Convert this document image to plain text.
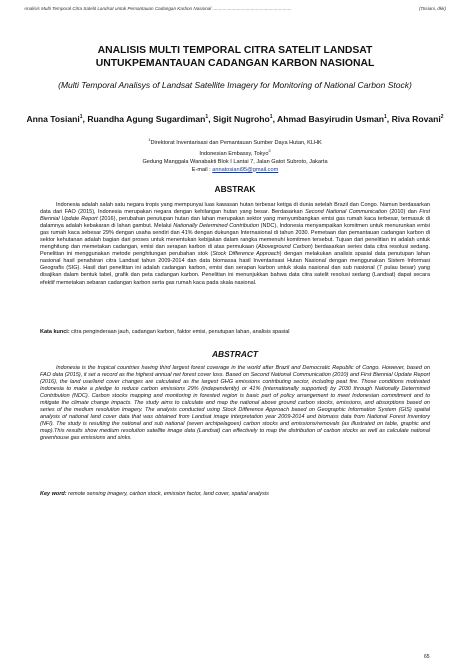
Analisis Multi Temporal Citra Satelit Landsat untuk Pemantauan Cadangan Karbon Nasional ..............................................................	(Tosiani, dkk)
ANALISIS MULTI TEMPORAL CITRA SATELIT LANDSAT
UNTUKPEMANTAUAN CADANGAN KARBON NASIONAL
(Multi Temporal Analisys of Landsat Satellite Imagery for Monitoring of National Carbon Stock)
Anna Tosiani$^1$, Ruandha Agung Sugardiman$^1$, Sigit Nugroho$^1$, Ahmad Basyirudin Usman$^1$, Riva Rovani$^2$
$^1$Direktorat Inventarisasi dan Pemantauan Sumber Daya Hutan, KLHK
Indonesian Embassy, Tokyo$^2$
Gedung Manggala Wanabakti Blok I Lantai 7, Jalan Gatot Subroto, Jakarta
E-mail : annatosiani95@gmail.com
ABSTRAK
Indonesia adalah salah satu negara tropis yang mempunyai luas kawasan hutan terbesar ketiga di dunia setelah Brazil dan Congo. Namun berdasarkan data dari FAO (2015), Indonesia merupakan negara dengan kehilangan hutan yang besar. Berdasarkan Second National Communication (2010) dan First Biennial Update Report (2016), perubahan penutupan hutan dan lahan merupakan sektor yang menyumbangkan emisi gas rumah kaca terbesar, termasuk di dalamnya adalah kebakaran di lahan gambut. Melalui Nationally Determined Contribution (NDC), Indonesia menyampaikan komitmen untuk menurunkan emisi gas rumah kaca sebesar 29% dengan usaha sendiri dan 41% dengan dukungan Internasional di tahun 2030. Pemetaan dan pemantauan cadangan karbon di sektor kehutanan adalah bagian dari proses untuk menentukan kebijakan dalam rangka memenuhi komitmen tersebut. Tujuan dari penelitian ini adalah untuk menghitung dan memetakan cadangan, emisi dan serapan karbon di atas permukaan (Aboveground Carbon) berdasarkan series data citra resolusi sedang. Penelitian ini menggunakan metode penghitungan perubahan stok (Stock Difference Approach) dengan melakukan analisis spasial data penutupan lahan nasional hasil penafsiran citra Landsat tahun 2009-2014 dan data biomassa hasil Inventarisasi Hutan Nasional dengan menggunakan Sistem Informasi Geografis (SIG). Hasil dari penelitian ini adalah cadangan karbon, emisi dan serapan karbon untuk skala nasional dan sub nasional (7 pulau besar) yang disajikan dalam bentuk tabel, grafik dan peta cadangan karbon. Penelitian ini menunjukkan bahwa data citra satelit resolusi sedang (Landsat) dapat secara efektif memetakan sebaran cadangan karbon serta gas rumah kaca pada skala nasional.
Kata kunci: citra penginderaan jauh, cadangan karbon, faktor emisi, penutupan lahan, analisis spasial
ABSTRACT
Indonesia is the tropical countries having third largest forest coverage in the world after Brazil and Democratic Republic of Congo. However, based on FAO data (2015), it set a record as the highest annual net forest cover loss. Based on Second National Communication (2010) and First Biennial Update Report (2016), the land use/land cover changes are calculated as the largest GHG emissions contributing sector, including peat fire. Those conditions motivated Indonesia to make a pledge to reduce carbon emissions 29% (independently) or 41% (internationally supported) by 2030 through Nationally Determined Contribution (NDC). Carbon stocks mapping and monitoring in forested region is basic part of policy arrangement to meet Indonesian commitment and to mitigate the climate change impacts. The study aims to calculate and map the national above ground carbon stocks, emissions, and absorptions based on series of the medium resolution imagery. The analysis conducted using Stock Difference Approach based on Geographic Information System (GIS) spatial analysis of national land cover data that was obtained from Landsat image interpretation year 2009-2014 and biomass data from National Forest Inventory (NFI). The study is resulting the national and sub national (seven archipelagoes) carbon stocks and emissions/removals (as illustrated on table, graphic and map).This results show medium resolution satellite image data (Landsat) can effectively to map the distribution of carbon stocks as well as calculate national greenhouse gas emissions and sinks.
Key word: remote sensing imagery, carbon stock, emission factor, land cover, spatial analysis
65
